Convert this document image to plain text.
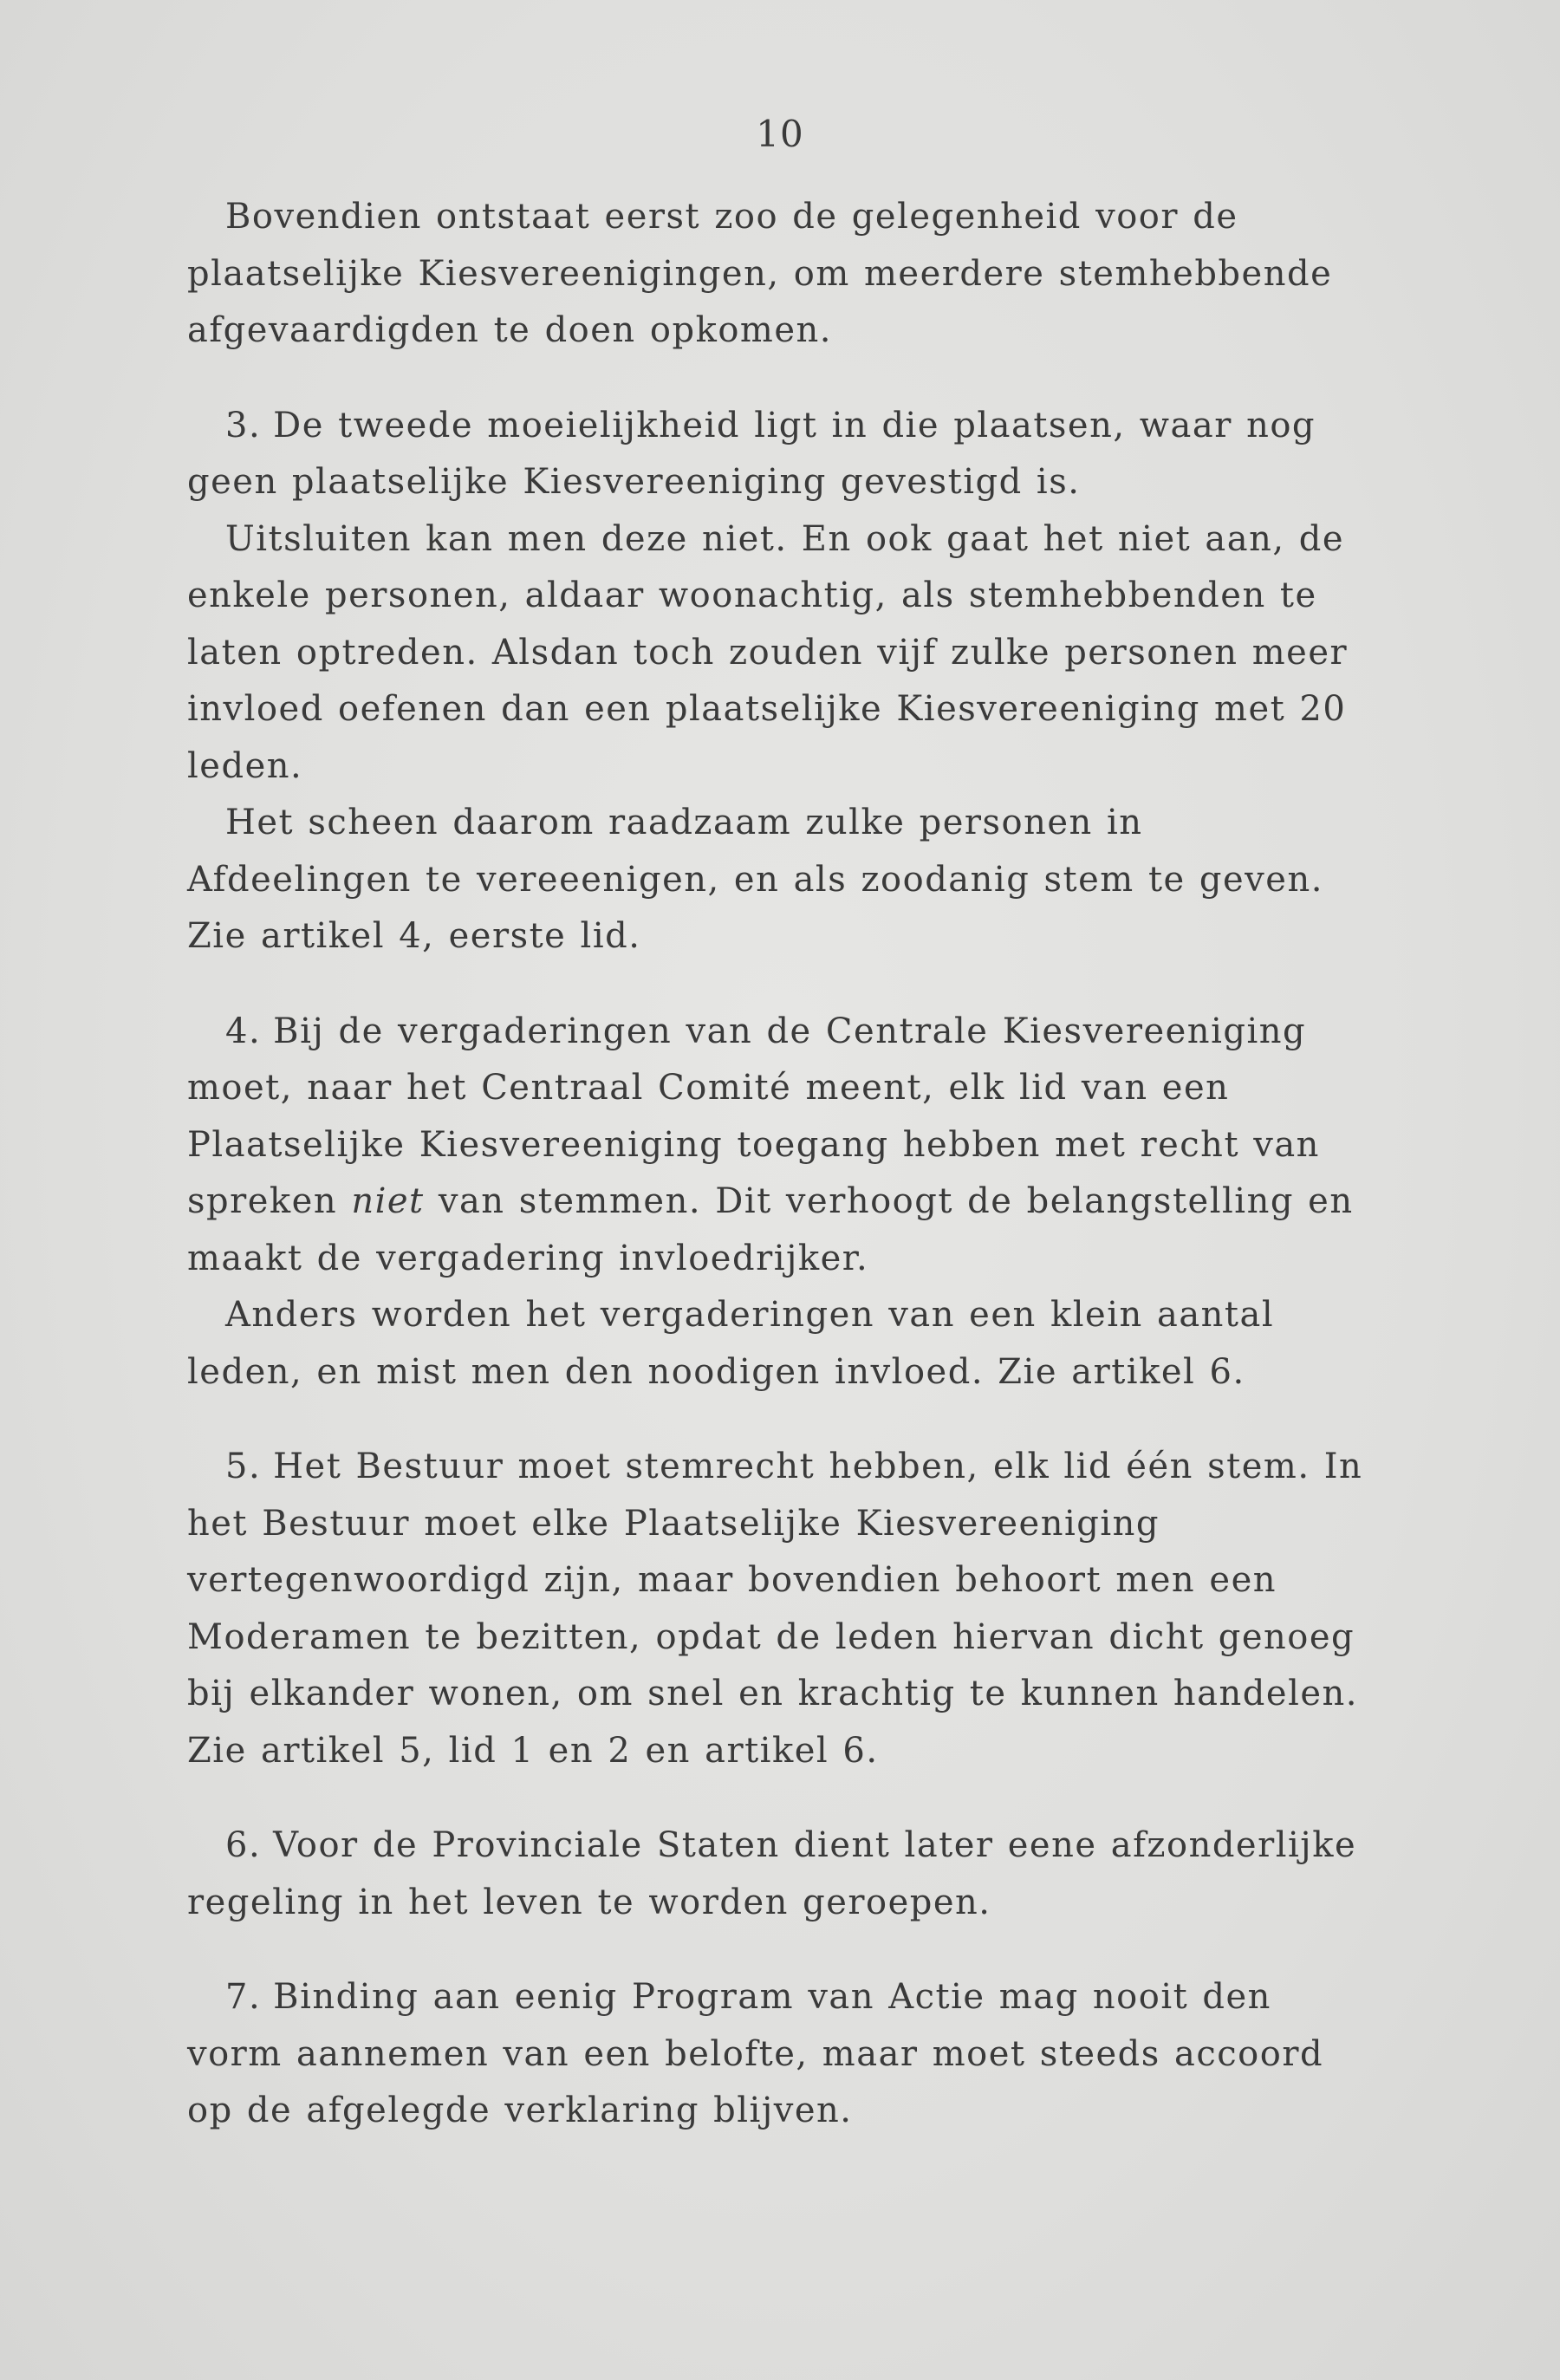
10

Bovendien ontstaat eerst zoo de gelegenheid voor de plaatselijke Kiesvereenigingen, om meerdere stemhebbende afgevaardigden te doen opkomen.

3. De tweede moeielijkheid ligt in die plaatsen, waar nog geen plaatselijke Kiesvereeniging gevestigd is.

Uitsluiten kan men deze niet. En ook gaat het niet aan, de enkele personen, aldaar woonachtig, als stemhebbenden te laten optreden. Alsdan toch zouden vijf zulke personen meer invloed oefenen dan een plaatselijke Kiesvereeniging met 20 leden.

Het scheen daarom raadzaam zulke personen in Afdeelingen te vereeenigen, en als zoodanig stem te geven. Zie artikel 4, eerste lid.

4. Bij de vergaderingen van de Centrale Kiesvereeniging moet, naar het Centraal Comité meent, elk lid van een Plaatselijke Kiesvereeniging toegang hebben met recht van spreken niet van stemmen. Dit verhoogt de belangstelling en maakt de vergadering invloedrijker.

Anders worden het vergaderingen van een klein aantal leden, en mist men den noodigen invloed. Zie artikel 6.

5. Het Bestuur moet stemrecht hebben, elk lid één stem. In het Bestuur moet elke Plaatselijke Kiesvereeniging vertegenwoordigd zijn, maar bovendien behoort men een Moderamen te bezitten, opdat de leden hiervan dicht genoeg bij elkander wonen, om snel en krachtig te kunnen handelen. Zie artikel 5, lid 1 en 2 en artikel 6.

6. Voor de Provinciale Staten dient later eene afzonderlijke regeling in het leven te worden geroepen.

7. Binding aan eenig Program van Actie mag nooit den vorm aannemen van een belofte, maar moet steeds accoord op de afgelegde verklaring blijven.
